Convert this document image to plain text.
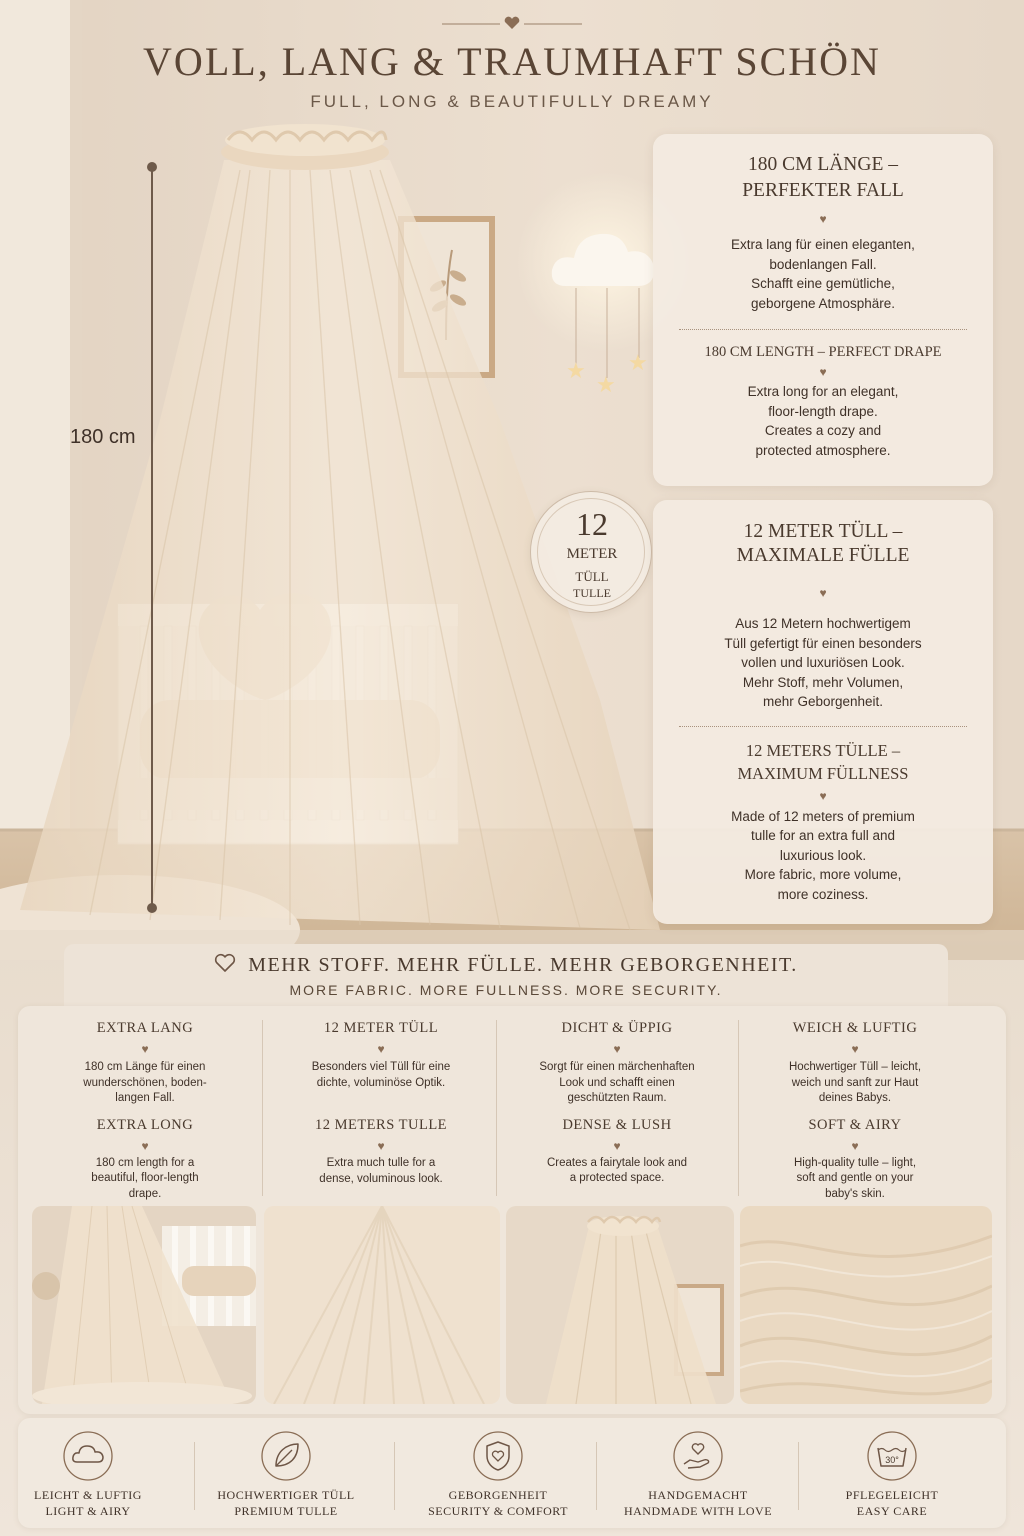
★
★
★
VOLL, LANG & TRAUMHAFT SCHÖN
FULL, LONG & BEAUTIFULLY DREAMY
180 cm
180 CM LÄNGE –
PERFEKTER FALL
♥

Extra lang für einen eleganten,
bodenlangen Fall.
Schafft eine gemütliche,
geborgene Atmosphäre.

180 CM LENGTH – PERFECT DRAPE
♥

Extra long for an elegant,
floor-length drape.
Creates a cozy and
protected atmosphere.

12
METER
TÜLL
TULLE
12 METER TÜLL –
MAXIMALE FÜLLE
♥

Aus 12 Metern hochwertigem
Tüll gefertigt für einen besonders
vollen und luxuriösen Look.
Mehr Stoff, mehr Volumen,
mehr Geborgenheit.

12 METERS TÜLLE –
MAXIMUM FÜLLNESS
♥

Made of 12 meters of premium
tulle for an extra full and
luxurious look.
More fabric, more volume,
more coziness.

MEHR STOFF. MEHR FÜLLE. MEHR GEBORGENHEIT.
MORE FABRIC. MORE FULLNESS. MORE SECURITY.
EXTRA LANG
♥

180 cm Länge für einen
wunderschönen, boden-
langen Fall.

EXTRA LONG
♥

180 cm length for a
beautiful, floor-length
drape.

12 METER TÜLL
♥

Besonders viel Tüll für eine
dichte, voluminöse Optik.

12 METERS TULLE
♥

Extra much tulle for a
dense, voluminous look.

DICHT & ÜPPIG
♥

Sorgt für einen märchenhaften
Look und schafft einen
geschützten Raum.

DENSE & LUSH
♥

Creates a fairytale look and
a protected space.

WEICH & LUFTIG
♥

Hochwertiger Tüll – leicht,
weich und sanft zur Haut
deines Babys.

SOFT & AIRY
♥

High-quality tulle – light,
soft and gentle on your
baby's skin.

LEICHT & LUFTIG
LIGHT & AIRY
HOCHWERTIGER TÜLL
PREMIUM TULLE
GEBORGENHEIT
SECURITY & COMFORT
HANDGEMACHT
HANDMADE WITH LOVE
30°
PFLEGELEICHT
EASY CARE
